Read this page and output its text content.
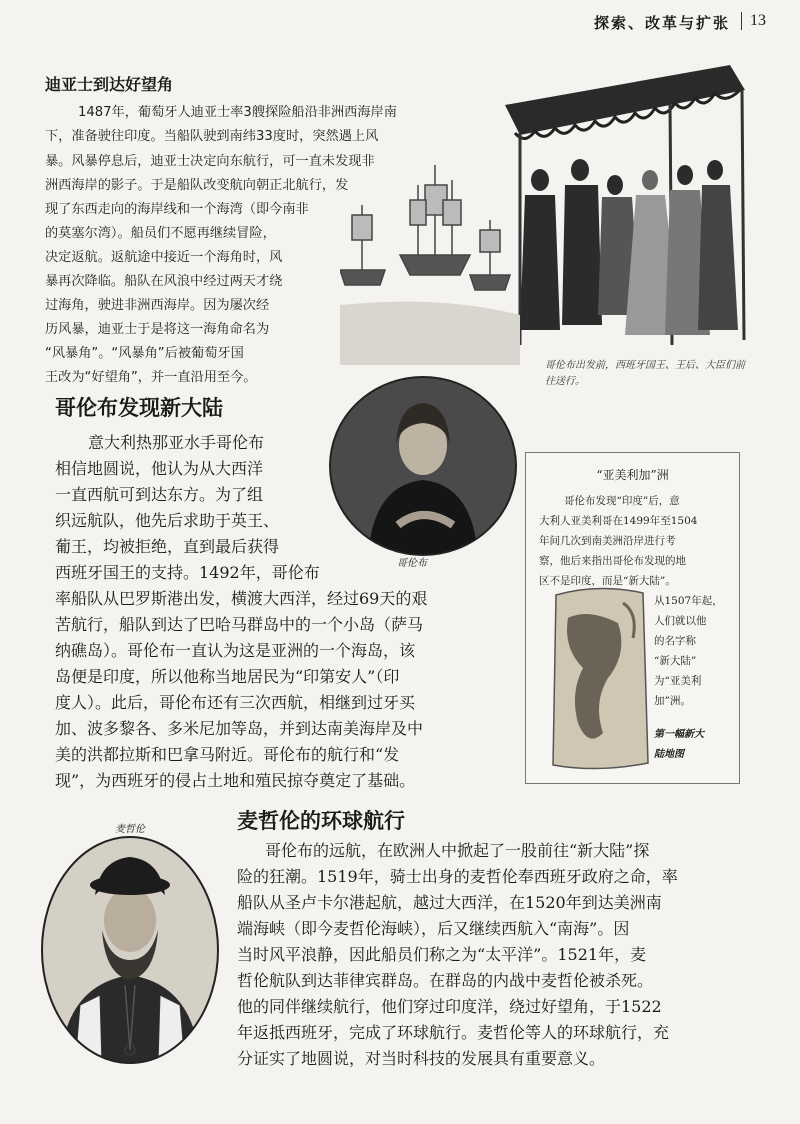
探索、改革与扩张 13
迪亚士到达好望角
1487年，葡萄牙人迪亚士率3艘探险船沿非洲西海岸南
下，准备驶往印度。当船队驶到南纬33度时，突然遇上风
暴。风暴停息后，迪亚士决定向东航行，可一直未发现非
洲西海岸的影子。于是船队改变航向朝正北航行，发
现了东西走向的海岸线和一个海湾（即今南非
的莫塞尔湾）。船员们不愿再继续冒险，
决定返航。返航途中接近一个海角时，风
暴再次降临。船队在风浪中经过两天才绕
过海角，驶进非洲西海岸。因为屡次经
历风暴，迪亚士于是将这一海角命名为
“风暴角”。“风暴角”后被葡萄牙国
王改为“好望角”，并一直沿用至今。
哥伦布出发前，西班牙国王、王后、大臣们前往送行。
哥伦布发现新大陆
哥伦布
意大利热那亚水手哥伦布
相信地圆说，他认为从大西洋
一直西航可到达东方。为了组
织远航队，他先后求助于英王、
葡王，均被拒绝，直到最后获得
西班牙国王的支持。1492年，哥伦布
率船队从巴罗斯港出发，横渡大西洋，经过69天的艰
苦航行，船队到达了巴哈马群岛中的一个小岛（萨马
纳礁岛）。哥伦布一直认为这是亚洲的一个海岛，该
岛便是印度，所以他称当地居民为“印第安人”（印
度人）。此后，哥伦布还有三次西航，相继到过牙买
加、波多黎各、多米尼加等岛，并到达南美海岸及中
美的洪都拉斯和巴拿马附近。哥伦布的航行和“发
现”，为西班牙的侵占土地和殖民掠夺奠定了基础。
“亚美利加”洲
哥伦布发现“印度”后，意
大利人亚美利哥在1499年至1504
年间几次到南美洲沿岸进行考
察，他后来指出哥伦布发现的地
区不是印度，而是“新大陆”。
从1507年起，
人们就以他
的名字称
“新大陆”
为“亚美利
加”洲。
第一幅新大
陆地图
麦哲伦	麦哲伦的环球航行
哥伦布的远航，在欧洲人中掀起了一股前往“新大陆”探
险的狂潮。1519年，骑士出身的麦哲伦奉西班牙政府之命，率
船队从圣卢卡尔港起航，越过大西洋，在1520年到达美洲南
端海峡（即今麦哲伦海峡），后又继续西航入“南海”。因
当时风平浪静，因此船员们称之为“太平洋”。1521年，麦
哲伦航队到达菲律宾群岛。在群岛的内战中麦哲伦被杀死。
他的同伴继续航行，他们穿过印度洋，绕过好望角，于1522
年返抵西班牙，完成了环球航行。麦哲伦等人的环球航行，充
分证实了地圆说，对当时科技的发展具有重要意义。
